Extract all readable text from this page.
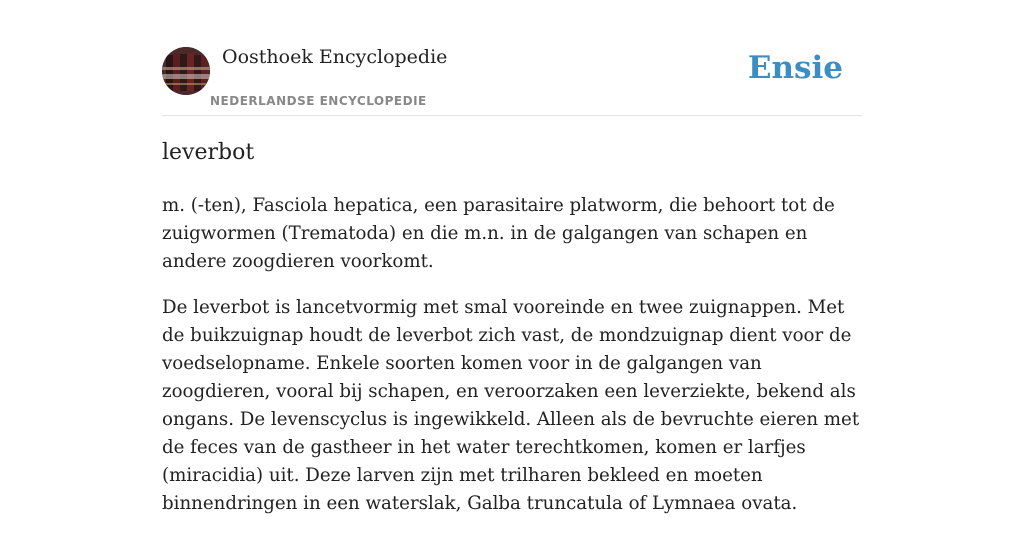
Oosthoek Encyclopedie
NEDERLANDSE ENCYCLOPEDIE
Ensie
leverbot

m. (-ten), Fasciola hepatica, een parasitaire platworm, die behoort tot de zuigwormen (Trematoda) en die m.n. in de galgangen van schapen en andere zoogdieren voorkomt.

De leverbot is lancetvormig met smal vooreinde en twee zuignappen. Met de buikzuignap houdt de leverbot zich vast, de mondzuignap dient voor de voedselopname. Enkele soorten komen voor in de galgangen van zoogdieren, vooral bij schapen, en veroorzaken een leverziekte, bekend als ongans. De levenscyclus is ingewikkeld. Alleen als de bevruchte eieren met de feces van de gastheer in het water terechtkomen, komen er larfjes (miracidia) uit. Deze larven zijn met trilharen bekleed en moeten binnendringen in een waterslak, Galba truncatula of Lymnaea ovata.
